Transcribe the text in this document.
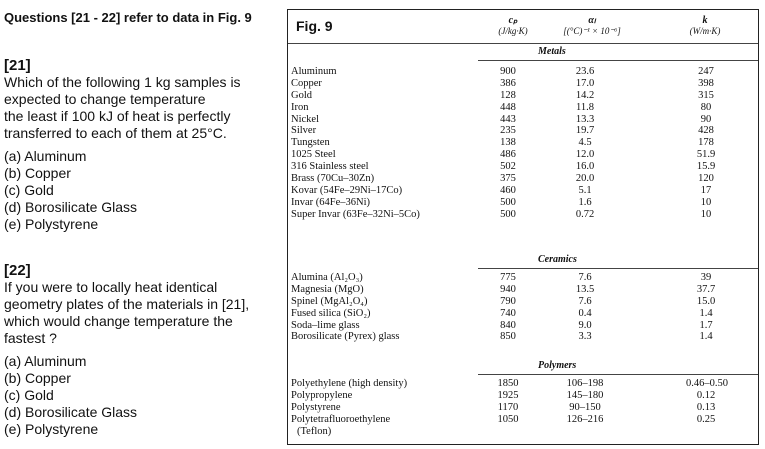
Questions [21 - 22] refer to data in Fig. 9
[21]
Which of the following 1 kg samples is
expected to change temperature
the least if 100 kJ of heat is perfectly
transferred to each of them at 25°C.
(a) Aluminum
(b) Copper
(c) Gold
(d) Borosilicate Glass
(e) Polystyrene
[22]
If you were to locally heat identical
geometry plates of the materials in [21],
which would change temperature the
fastest ?
(a) Aluminum
(b) Copper
(c) Gold
(d) Borosilicate Glass
(e) Polystyrene
Fig. 9	cₚ
(J/kg·K)
αₗ
[(°C)⁻¹ × 10⁻⁶]
k
(W/m·K)
Metals
Aluminum	900	23.6	247
Copper	386	17.0	398
Gold	128	14.2	315
Iron	448	11.8	80
Nickel	443	13.3	90
Silver	235	19.7	428
Tungsten	138	4.5	178
1025 Steel	486	12.0	51.9
316 Stainless steel	502	16.0	15.9
Brass (70Cu–30Zn)	375	20.0	120
Kovar (54Fe–29Ni–17Co)	460	5.1	17
Invar (64Fe–36Ni)	500	1.6	10
Super Invar (63Fe–32Ni–5Co)	500	0.72	10
Ceramics
Alumina (Al₂O₃)	775	7.6	39
Magnesia (MgO)	940	13.5	37.7
Spinel (MgAl₂O₄)	790	7.6	15.0
Fused silica (SiO₂)	740	0.4	1.4
Soda–lime glass	840	9.0	1.7
Borosilicate (Pyrex) glass	850	3.3	1.4
Polymers
Polyethylene (high density)	1850	106–198	0.46–0.50
Polypropylene	1925	145–180	0.12
Polystyrene	1170	90–150	0.13
Polytetrafluoroethylene	1050	126–216	0.25
(Teflon)
